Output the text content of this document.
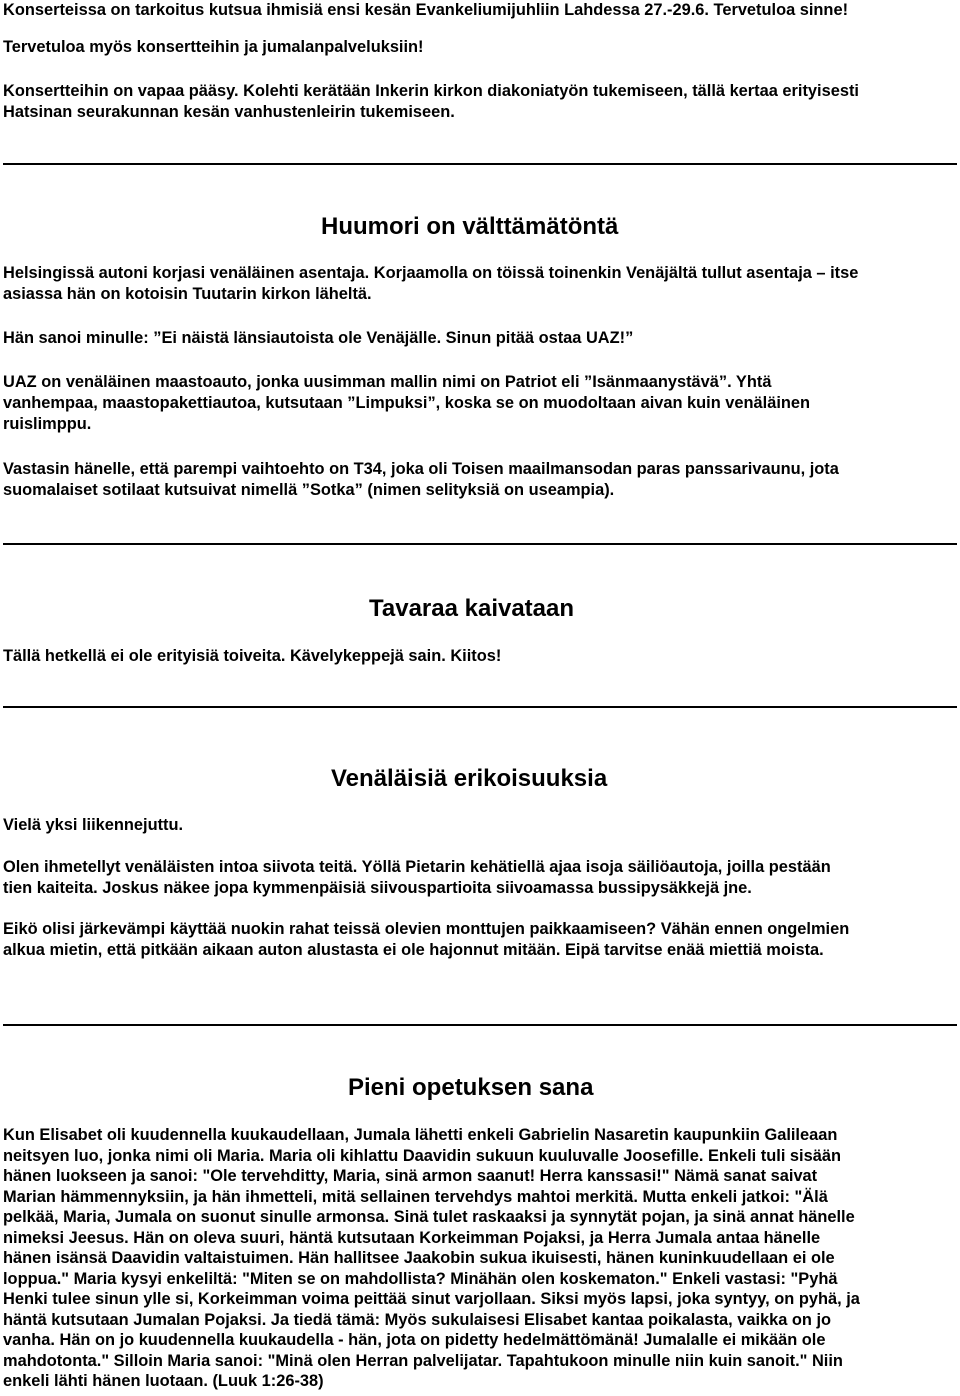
Konserteissa on tarkoitus kutsua ihmisiä ensi kesän Evankeliumijuhliin Lahdessa 27.-29.6. Tervetuloa sinne!

Tervetuloa myös konsertteihin ja jumalanpalveluksiin!

Konsertteihin on vapaa pääsy. Kolehti kerätään Inkerin kirkon diakoniatyön tukemiseen, tällä kertaa erityisesti
Hatsinan seurakunnan kesän vanhustenleirin tukemiseen.

Huumori on välttämätöntä

Helsingissä autoni korjasi venäläinen asentaja. Korjaamolla on töissä toinenkin Venäjältä tullut asentaja – itse
asiassa hän on kotoisin Tuutarin kirkon läheltä.

Hän sanoi minulle: ”Ei näistä länsiautoista ole Venäjälle. Sinun pitää ostaa UAZ!”

UAZ on venäläinen maastoauto, jonka uusimman mallin nimi on Patriot eli ”Isänmaanystävä”. Yhtä
vanhempaa, maastopakettiautoa, kutsutaan ”Limpuksi”, koska se on muodoltaan aivan kuin venäläinen
ruislimppu.

Vastasin hänelle, että parempi vaihtoehto on T34, joka oli Toisen maailmansodan paras panssarivaunu, jota
suomalaiset sotilaat kutsuivat nimellä ”Sotka” (nimen selityksiä on useampia).

Tavaraa kaivataan

Tällä hetkellä ei ole erityisiä toiveita. Kävelykeppejä sain. Kiitos!

Venäläisiä erikoisuuksia

Vielä yksi liikennejuttu.

Olen ihmetellyt venäläisten intoa siivota teitä. Yöllä Pietarin kehätiellä ajaa isoja säiliöautoja, joilla pestään
tien kaiteita. Joskus näkee jopa kymmenpäisiä siivouspartioita siivoamassa bussipysäkkejä jne.

Eikö olisi järkevämpi käyttää nuokin rahat teissä olevien monttujen paikkaamiseen? Vähän ennen ongelmien
alkua mietin, että pitkään aikaan auton alustasta ei ole hajonnut mitään. Eipä tarvitse enää miettiä moista.

Pieni opetuksen sana

Kun Elisabet oli kuudennella kuukaudellaan, Jumala lähetti enkeli Gabrielin Nasaretin kaupunkiin Galileaan
neitsyen luo, jonka nimi oli Maria. Maria oli kihlattu Daavidin sukuun kuuluvalle Joosefille. Enkeli tuli sisään
hänen luokseen ja sanoi: "Ole tervehditty, Maria, sinä armon saanut! Herra kanssasi!" Nämä sanat saivat
Marian hämmennyksiin, ja hän ihmetteli, mitä sellainen tervehdys mahtoi merkitä. Mutta enkeli jatkoi: "Älä
pelkää, Maria, Jumala on suonut sinulle armonsa. Sinä tulet raskaaksi ja synnytät pojan, ja sinä annat hänelle
nimeksi Jeesus. Hän on oleva suuri, häntä kutsutaan Korkeimman Pojaksi, ja Herra Jumala antaa hänelle
hänen isänsä Daavidin valtaistuimen. Hän hallitsee Jaakobin sukua ikuisesti, hänen kuninkuudellaan ei ole
loppua." Maria kysyi enkeliltä: "Miten se on mahdollista? Minähän olen koskematon." Enkeli vastasi: "Pyhä
Henki tulee sinun ylle si, Korkeimman voima peittää sinut varjollaan. Siksi myös lapsi, joka syntyy, on pyhä, ja
häntä kutsutaan Jumalan Pojaksi. Ja tiedä tämä: Myös sukulaisesi Elisabet kantaa poikalasta, vaikka on jo
vanha. Hän on jo kuudennella kuukaudella - hän, jota on pidetty hedelmättömänä! Jumalalle ei mikään ole
mahdotonta." Silloin Maria sanoi: "Minä olen Herran palvelijatar. Tapahtukoon minulle niin kuin sanoit." Niin
enkeli lähti hänen luotaan. (Luuk 1:26-38)
